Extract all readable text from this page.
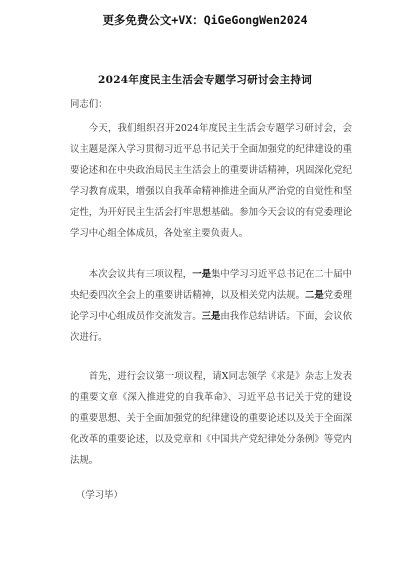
更多免费公文+VX：QiGeGongWen2024
2024年度民主生活会专题学习研讨会主持词
同志们：

今天，我们组织召开2024年度民主生活会专题学习研讨会，会议主题是深入学习贯彻习近平总书记关于全面加强党的纪律建设的重要论述和在中央政治局民主生活会上的重要讲话精神，巩固深化党纪学习教育成果，增强以自我革命精神推进全面从严治党的自觉性和坚定性，为开好民主生活会打牢思想基础。参加今天会议的有党委理论学习中心组全体成员，各处室主要负责人。

本次会议共有三项议程，一是集中学习习近平总书记在二十届中央纪委四次全会上的重要讲话精神，以及相关党内法规。二是党委理论学习中心组成员作交流发言。三是由我作总结讲话。下面，会议依次进行。

首先，进行会议第一项议程，请X同志领学《求是》杂志上发表的重要文章《深入推进党的自我革命》、习近平总书记关于党的建设的重要思想、关于全面加强党的纪律建设的重要论述以及关于全面深化改革的重要论述，以及党章和《中国共产党纪律处分条例》等党内法规。

（学习毕）
